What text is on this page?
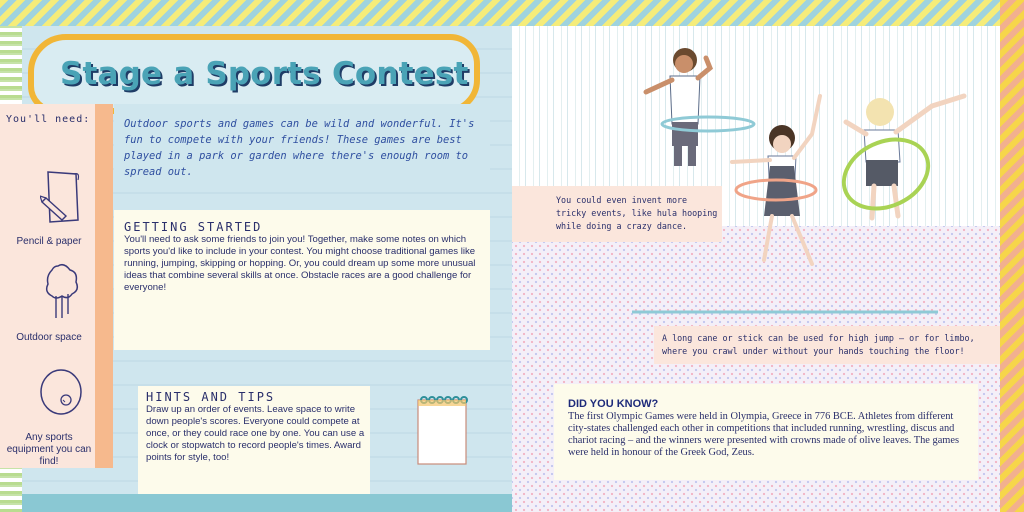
Stage a Sports Contest
You'll need:
Pencil & paper
Outdoor space
Any sports equipment you can find!
Outdoor sports and games can be wild and wonderful. It's fun to compete with your friends! These games are best played in a park or garden where there's enough room to spread out.
GETTING STARTED

You'll need to ask some friends to join you! Together, make some notes on which sports you'd like to include in your contest. You might choose traditional games like running, jumping, skipping or hopping. Or, you could dream up some more unusual ideas that combine several skills at once. Obstacle races are a good challenge for everyone!

HINTS AND TIPS

Draw up an order of events. Leave space to write down people's scores. Everyone could compete at once, or they could race one by one. You can use a clock or stopwatch to record people's times. Award points for style, too!

You could even invent more tricky events, like hula hooping while doing a crazy dance.
A long cane or stick can be used for high jump – or for limbo, where you crawl under without your hands touching the floor!
DID YOU KNOW?

The first Olympic Games were held in Olympia, Greece in 776 BCE. Athletes from different city-states challenged each other in competitions that included running, wrestling, discus and chariot racing – and the winners were presented with crowns made of olive leaves. The games were held in honour of the Greek God, Zeus.
